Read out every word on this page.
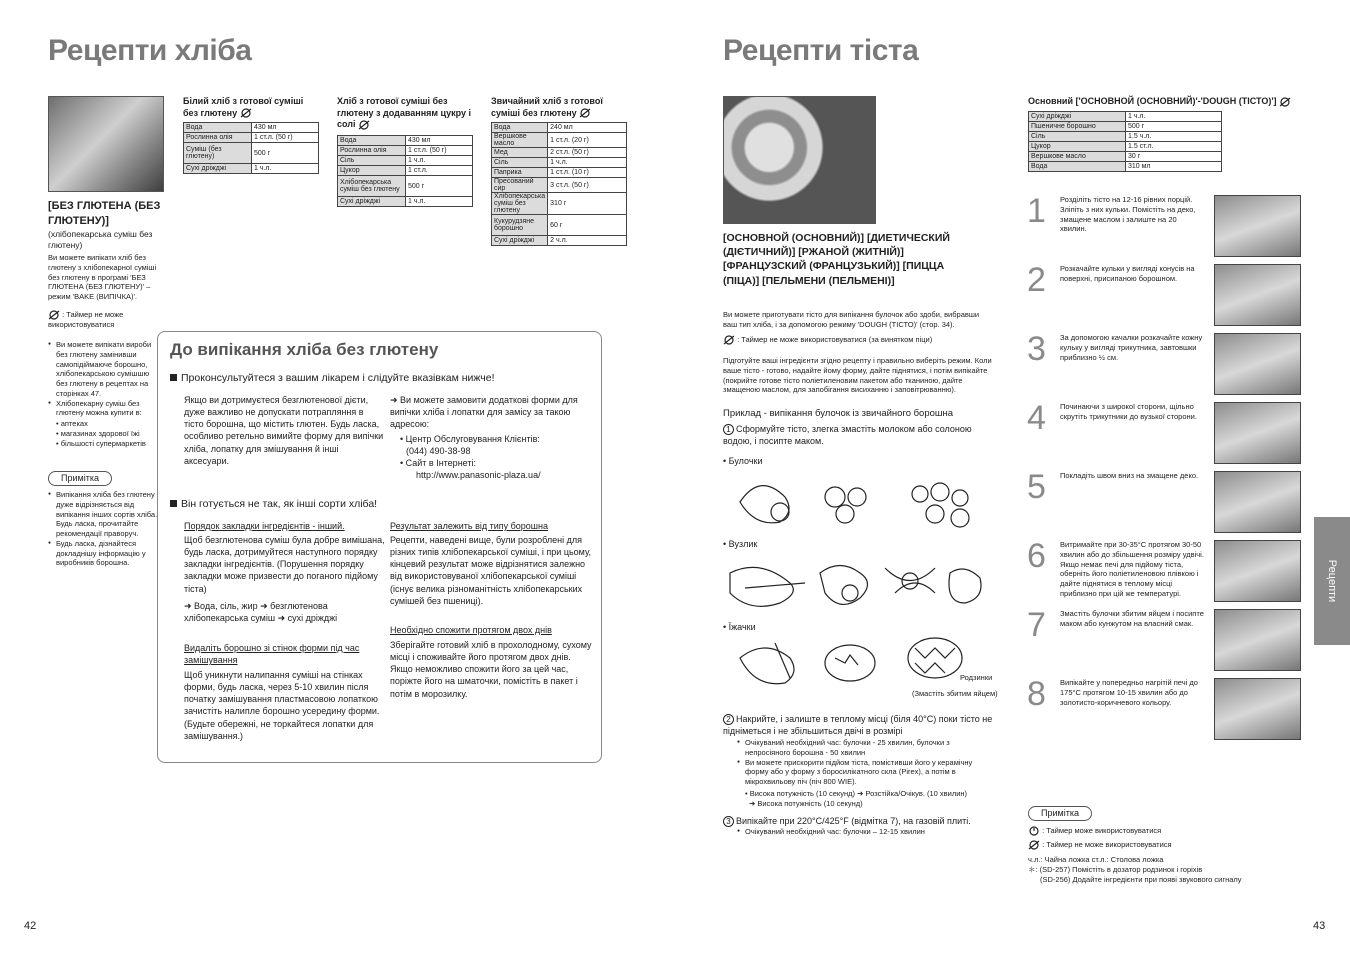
Рецепти хліба
[БЕЗ ГЛЮТЕНА (БЕЗ ГЛЮТЕНУ)]
(хлібопекарська суміш без глютену)
Ви можете випікати хліб без глютену з хлібопекарної суміші без глютену в програмі 'БЕЗ ГЛЮТЕНА (БЕЗ ГЛЮТЕНУ)' – режим 'BAKE (ВИПІЧКА)'.
: Таймер не може використовуватися
● Ви можете випікати вироби без глютену замінивши самопідіймаюче борошно, хлібопекарською сумішшю без глютену в рецептах на сторінках 47.
● Хлібопекарну суміш без глютену можна купити в:
• аптеках
• магазинах здорової їжі
• більшості супермаркетів
Примітка
● Випікання хліба без глютену дуже відрізняється від випікання інших сортів хліба. Будь ласка, прочитайте рекомендації праворуч.
● Будь ласка, дізнайтеся докладнішу інформацію у виробників борошна.
Білий хліб з готової суміші без глютену
Вода	430 мл
Рослинна олія	1 ст.л. (50 г)
Суміш (без глютену)	500 г
Сухі дріжджі	1 ч.л.
Хліб з готової суміші без глютену з додаванням цукру і солі
Вода	430 мл
Рослинна олія	1 ст.л. (50 г)
Сіль	1 ч.л.
Цукор	1 ст.л.
Хлібопекарська суміш без глютену	500 г
Сухі дріжджі	1 ч.л.
Звичайний хліб з готової суміші без глютену
Вода	240 мл
Вершкове масло	1 ст.л. (20 г)
Мед	2 ст.л. (50 г)
Сіль	1 ч.л.
Паприка	1 ст.л. (10 г)
Пресований сир	3 ст.л. (50 г)
Хлібопекарська суміш без глютену	310 г
Кукурудзяне борошно	60 г
Сухі дріжджі	2 ч.л.
До випікання хліба без глютену
Проконсультуйтеся з вашим лікарем і слідуйте вказівкам нижче!
Якщо ви дотримуєтеся безглютенової дієти, дуже важливо не допускати потрапляння в тісто борошна, що містить глютен. Будь ласка, особливо ретельно вимийте форму для випічки хліба, лопатку для змішування й інші аксесуари.
➜ Ви можете замовити додаткові форми для випічки хліба і лопатки для замісу за такою адресою:
• Центр Обслуговування Клієнтів:
(044) 490-38-98
• Сайт в Інтернеті:
http://www.panasonic-plaza.ua/
Він готується не так, як інші сорти хліба!
Порядок закладки інгредієнтів - інший.
Щоб безглютенова суміш була добре вимішана, будь ласка, дотримуйтеся наступного порядку закладки інгредієнтів. (Порушення порядку закладки може призвести до поганого підйому тіста)
➜ Вода, сіль, жир ➜ безглютенова хлібопекарська суміш ➜ сухі дріжджі
Видаліть борошно зі стінок форми під час замішування
Щоб уникнути налипання суміші на стінках форми, будь ласка, через 5-10 хвилин після початку замішування пластмасовою лопаткою зачистіть налипле борошно усередину форми. (Будьте обережні, не торкайтеся лопатки для замішування.)
Результат залежить від типу борошна
Рецепти, наведені вище, були розроблені для різних типів хлібопекарської суміші, і при цьому, кінцевий результат може відрізнятися залежно від використовуваної хлібопекарської суміші (існує велика різноманітність хлібопекарських сумішей без пшениці).
Необхідно спожити протягом двох днів
Зберігайте готовий хліб в прохолодному, сухому місці і споживайте його протягом двох днів. Якщо неможливо спожити його за цей час, поріжте його на шматочки, помістіть в пакет і потім в морозилку.
42
Рецепти тіста
[ОСНОВНОЙ (ОСНОВНИЙ)] [ДИЕТИЧЕСКИЙ (ДІЄТИЧНИЙ)] [РЖАНОЙ (ЖИТНІЙ)] [ФРАНЦУЗСКИЙ (ФРАНЦУЗЬКИЙ)] [ПИЦЦА (ПІЦА)] [ПЕЛЬМЕНИ (ПЕЛЬМЕНІ)]
Ви можете приготувати тісто для випікання булочок або здоби, вибравши ваш тип хліба, і за допомогою режиму 'DOUGH (ТІСТО)' (стор. 34).
: Таймер не може використовуватися (за винятком піци)
Підготуйте ваші інгредієнти згідно рецепту і правильно виберіть режим. Коли ваше тісто - готово, надайте йому форму, дайте піднятися, і потім випікайте (покрийте готове тісто поліетиленовим пакетом або тканиною, дайте змащеною маслом, для запобігання висиханню і заповітрюванню).
Приклад - випікання булочок із звичайного борошна
1 Сформуйте тісто, злегка змастіть молоком або солоною водою, і посипте маком.
• Булочки
• Вузлик
• Їжачки
Родзинки
(Змастіть збитим яйцем)
2 Накрийте, і залиште в теплому місці (біля 40°C) поки тісто не підніметься і не збільшиться двічі в розмірі
● Очікуваний необхідний час: булочки - 25 хвилин, булочки з непросіяного борошна - 50 хвилин
● Ви можете прискорити підйом тіста, помістивши його у керамічну форму або у форму з боросилікатного скла (Pirex), а потім в мікрохвильову піч (піч 800 WIE).
• Висока потужність (10 секунд) ➜ Розстійка/Очікув. (10 хвилин)
➜ Висока потужність (10 секунд)
3 Випікайте при 220°C/425°F (відмітка 7), на газовій плиті.
● Очікуваний необхідний час: булочки – 12-15 хвилин
Основний ['ОСНОВНОЙ (ОСНОВНИЙ)'-'DOUGH (ТІСТО)']
Сухі дріжджі	1 ч.л.
Пшеничне борошно	500 г
Сіль	1.5 ч.л.
Цукор	1.5 ст.л.
Вершкове масло	30 г
Вода	310 мл
1 Розділіть тісто на 12-16 рівних порцій. Зліпіть з них кульки. Помістіть на деко, змащене маслом і залиште на 20 хвилин.
2 Розкачайте кульки у вигляді конусів на поверхні, присипаною борошном.
3 За допомогою качалки розкачайте кожну кульку у вигляді трикутника, завтовшки приблизно ½ см.
4 Починаючи з широкої сторони, щільно скрутіть трикутники до вузької сторони.
5 Покладіть швом вниз на змащене деко.
6 Витримайте при 30-35°C протягом 30-50 хвилин або до збільшення розміру удвічі. Якщо немає печі для підйому тіста, оберніть його поліетиленовою плівкою і дайте піднятися в теплому місці приблизно при цій же температурі.
7 Змастіть булочки збитим яйцем і посипте маком або кунжутом на власний смак.
8 Випікайте у попередньо нагрітій печі до 175°C протягом 10-15 хвилин або до золотисто-коричневого кольору.
Рецепти
Примітка
: Таймер може використовуватися
: Таймер не може використовуватися
ч.л.: Чайна ложка ст.л.: Столова ложка
＊: (SD-257) Помістіть в дозатор родзинок і горіхів
(SD-256) Додайте інгредієнти при появі звукового сигналу
43
